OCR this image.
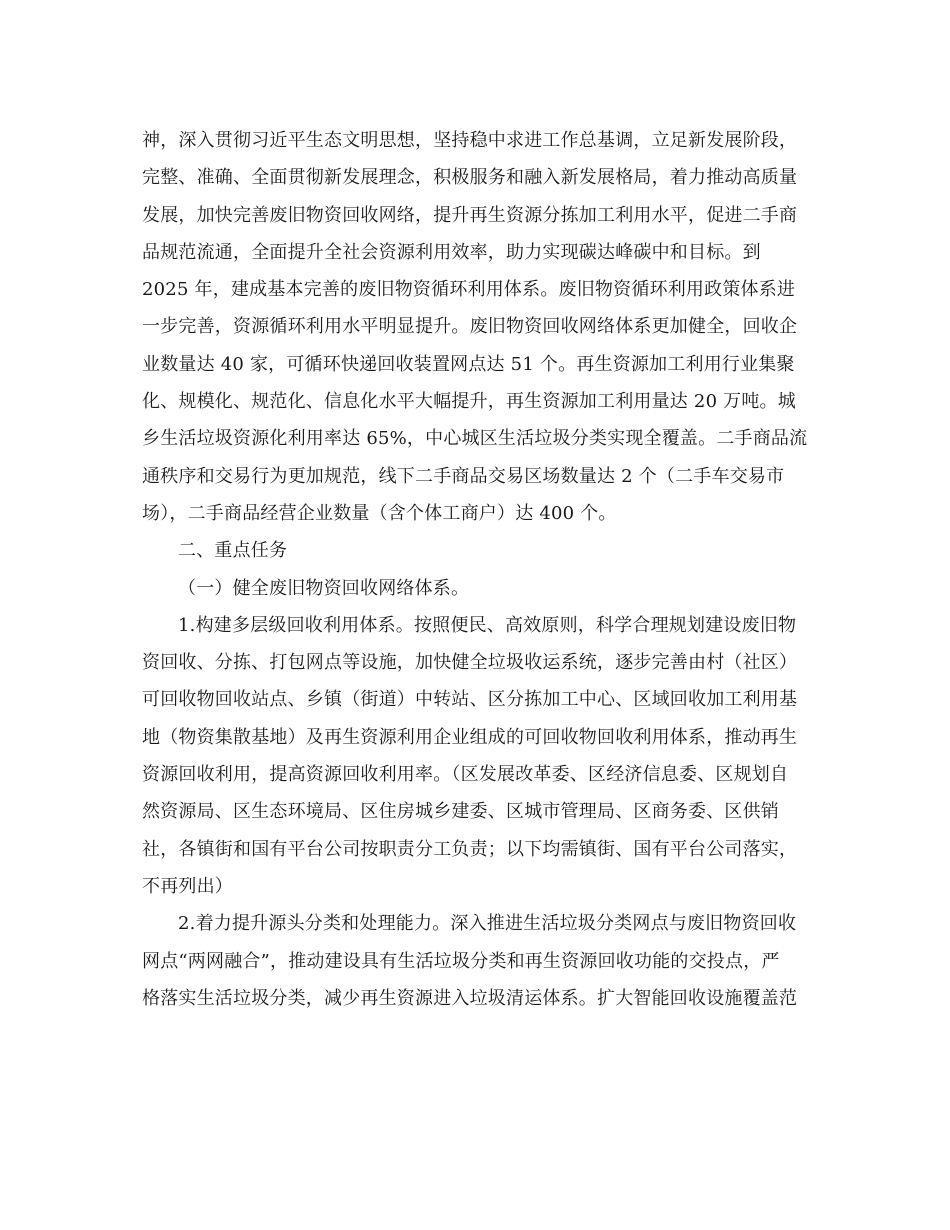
神，深入贯彻习近平生态文明思想，坚持稳中求进工作总基调，立足新发展阶段，
完整、准确、全面贯彻新发展理念，积极服务和融入新发展格局，着力推动高质量
发展，加快完善废旧物资回收网络，提升再生资源分拣加工利用水平，促进二手商
品规范流通，全面提升全社会资源利用效率，助力实现碳达峰碳中和目标。到
2025 年，建成基本完善的废旧物资循环利用体系。废旧物资循环利用政策体系进
一步完善，资源循环利用水平明显提升。废旧物资回收网络体系更加健全，回收企
业数量达 40 家，可循环快递回收装置网点达 51 个。再生资源加工利用行业集聚
化、规模化、规范化、信息化水平大幅提升，再生资源加工利用量达 20 万吨。城
乡生活垃圾资源化利用率达 65%，中心城区生活垃圾分类实现全覆盖。二手商品流
通秩序和交易行为更加规范，线下二手商品交易区场数量达 2 个（二手车交易市
场），二手商品经营企业数量（含个体工商户）达 400 个。
二、重点任务
（一）健全废旧物资回收网络体系。
1.构建多层级回收利用体系。按照便民、高效原则，科学合理规划建设废旧物
资回收、分拣、打包网点等设施，加快健全垃圾收运系统，逐步完善由村（社区）
可回收物回收站点、乡镇（街道）中转站、区分拣加工中心、区域回收加工利用基
地（物资集散基地）及再生资源利用企业组成的可回收物回收利用体系，推动再生
资源回收利用，提高资源回收利用率。（区发展改革委、区经济信息委、区规划自
然资源局、区生态环境局、区住房城乡建委、区城市管理局、区商务委、区供销
社，各镇街和国有平台公司按职责分工负责；以下均需镇街、国有平台公司落实，
不再列出）
2.着力提升源头分类和处理能力。深入推进生活垃圾分类网点与废旧物资回收
网点“两网融合”，推动建设具有生活垃圾分类和再生资源回收功能的交投点，严
格落实生活垃圾分类，减少再生资源进入垃圾清运体系。扩大智能回收设施覆盖范
